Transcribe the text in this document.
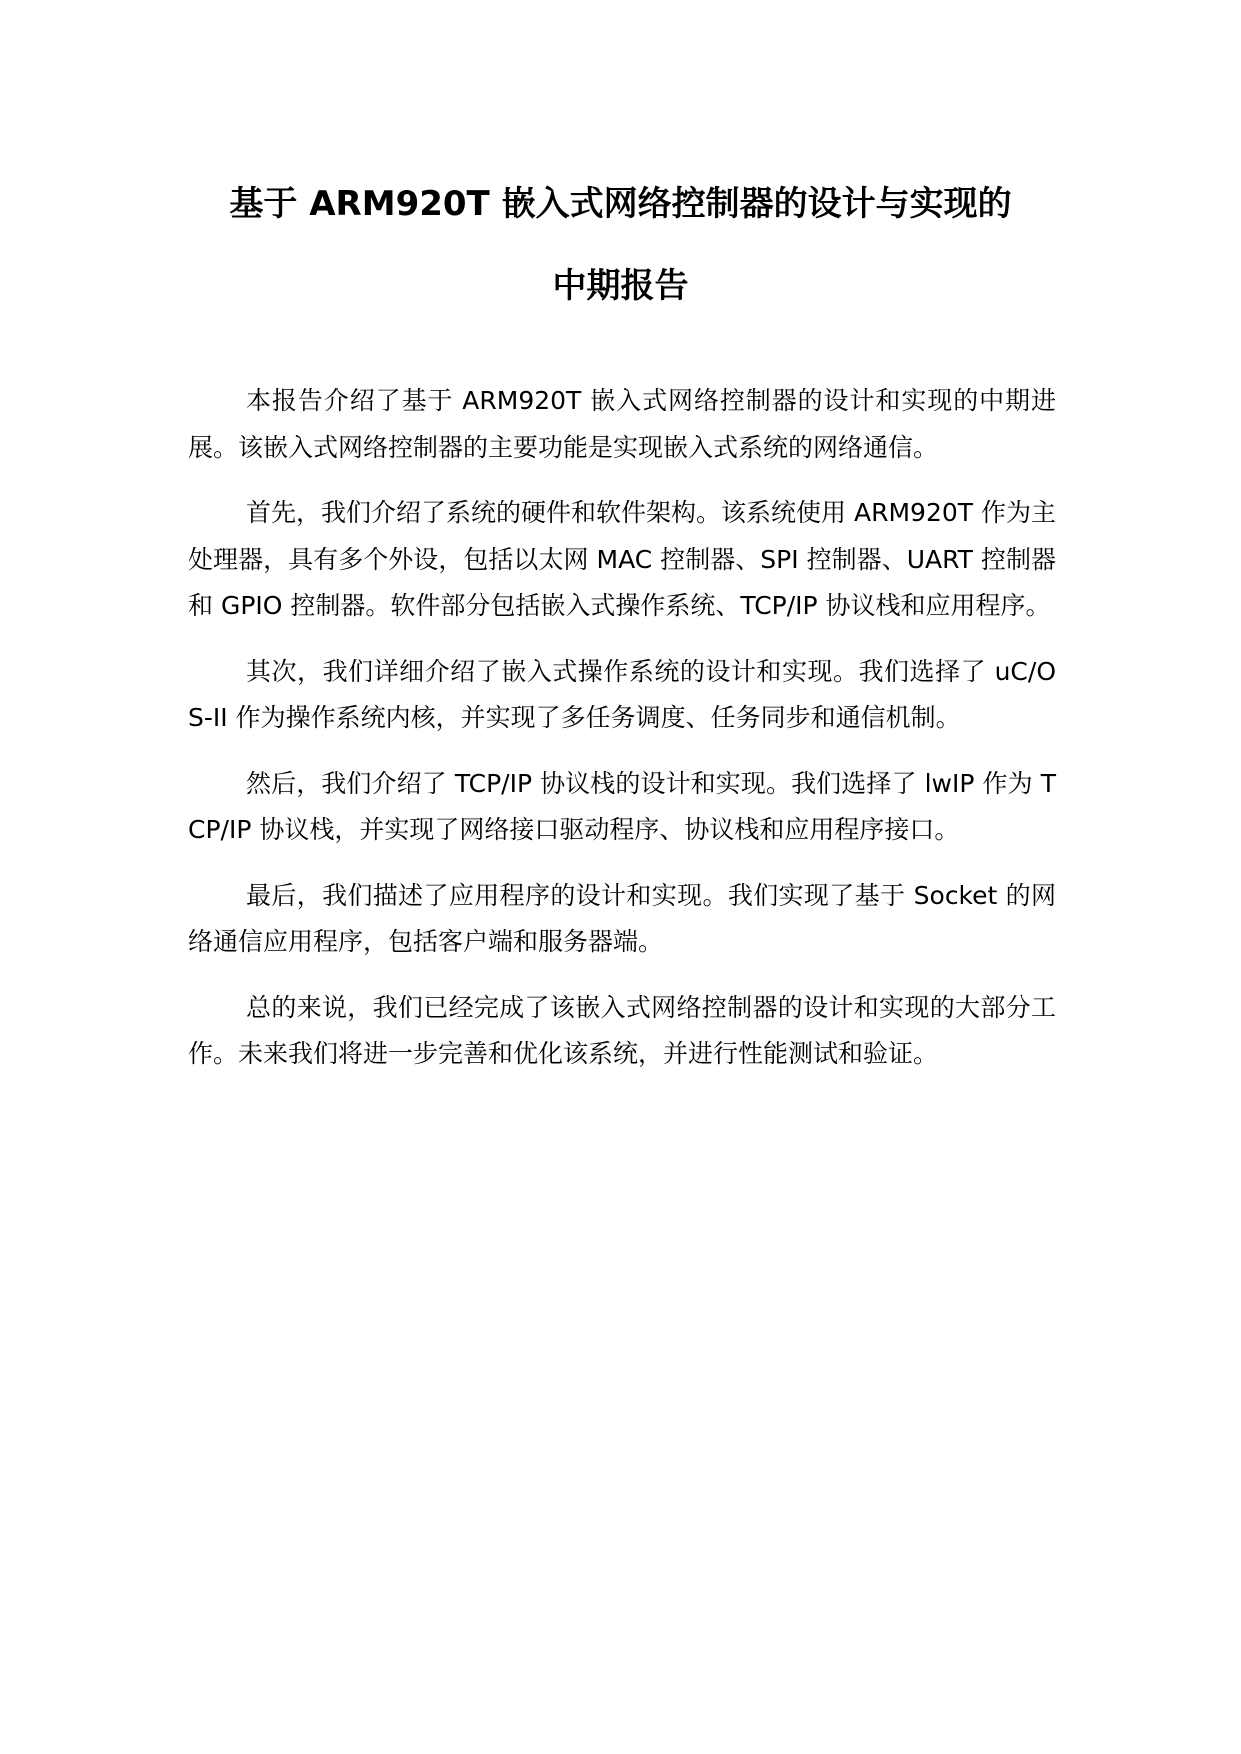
基于 ARM920T 嵌入式网络控制器的设计与实现的
中期报告

本报告介绍了基于 ARM920T 嵌入式网络控制器的设计和实现的中期进展。该嵌入式网络控制器的主要功能是实现嵌入式系统的网络通信。

首先，我们介绍了系统的硬件和软件架构。该系统使用 ARM920T 作为主处理器，具有多个外设，包括以太网 MAC 控制器、SPI 控制器、UART 控制器和 GPIO 控制器。软件部分包括嵌入式操作系统、TCP/IP 协议栈和应用程序。

其次，我们详细介绍了嵌入式操作系统的设计和实现。我们选择了 uC/OS-II 作为操作系统内核，并实现了多任务调度、任务同步和通信机制。

然后，我们介绍了 TCP/IP 协议栈的设计和实现。我们选择了 lwIP 作为 TCP/IP 协议栈，并实现了网络接口驱动程序、协议栈和应用程序接口。

最后，我们描述了应用程序的设计和实现。我们实现了基于 Socket 的网络通信应用程序，包括客户端和服务器端。

总的来说，我们已经完成了该嵌入式网络控制器的设计和实现的大部分工作。未来我们将进一步完善和优化该系统，并进行性能测试和验证。
